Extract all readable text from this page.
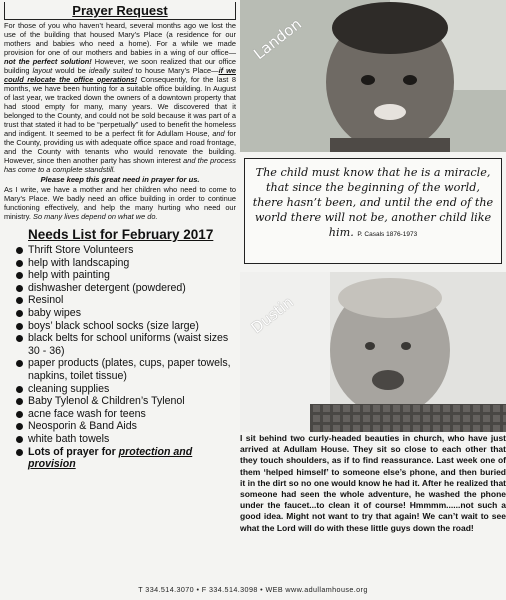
Prayer Request
For those of you who haven’t heard, several months ago we lost the use of the building that housed Mary’s Place (a residence for our mothers and babies who need a home). For a while we made provision for one of our mothers and babies in a wing of our office—not the perfect solution! However, we soon realized that our office building layout would be ideally suited to house Mary’s Place—if we could relocate the office operations! Consequently, for the last 8 months, we have been hunting for a suitable office building. In August of last year, we tracked down the owners of a downtown property that had stood empty for many, many years. We discovered that it belonged to the County, and could not be sold because it was part of a trust that stated it had to be “perpetually” used to benefit the homeless and indigent. It seemed to be a perfect fit for Adullam House, and for the County, providing us with adequate office space and road frontage, and the County with tenants who would renovate the building. However, since then another party has shown interest and the process has come to a complete standstill.
Please keep this great need in prayer for us.
As I write, we have a mother and her children who need to come to Mary’s Place. We badly need an office building in order to continue functioning effectively, and help the many hurting who need our ministry. So many lives depend on what we do.
Needs List for February 2017
Thrift Store Volunteers
help with landscaping
help with painting
dishwasher detergent (powdered)
Resinol
baby wipes
boys’ black school socks (size large)
black belts for school uniforms (waist sizes 30 - 36)
paper products (plates, cups, paper towels, napkins, toilet tissue)
cleaning supplies
Baby Tylenol & Children’s Tylenol
acne face wash for teens
Neosporin & Band Aids
white bath towels
Lots of prayer for protection and provision
Landon
The child must know that he is a miracle, that since the beginning of the world, there hasn’t been, and until the end of the world there will not be, another child like him. P. Casals 1876-1973
Dustin
I sit behind two curly-headed beauties in church, who have just arrived at Adullam House. They sit so close to each other that they touch shoulders, as if to find reassurance. Last week one of them ‘helped himself’ to someone else’s phone, and then buried it in the dirt so no one would know he had it. After he realized that someone had seen the whole adventure, he washed the phone under the faucet...to clean it of course! Hmmmm......not such a good idea. Might not want to try that again! We can’t wait to see what the Lord will do with these little guys down the road!
T 334.514.3070 • F 334.514.3098 • WEB www.adullamhouse.org
